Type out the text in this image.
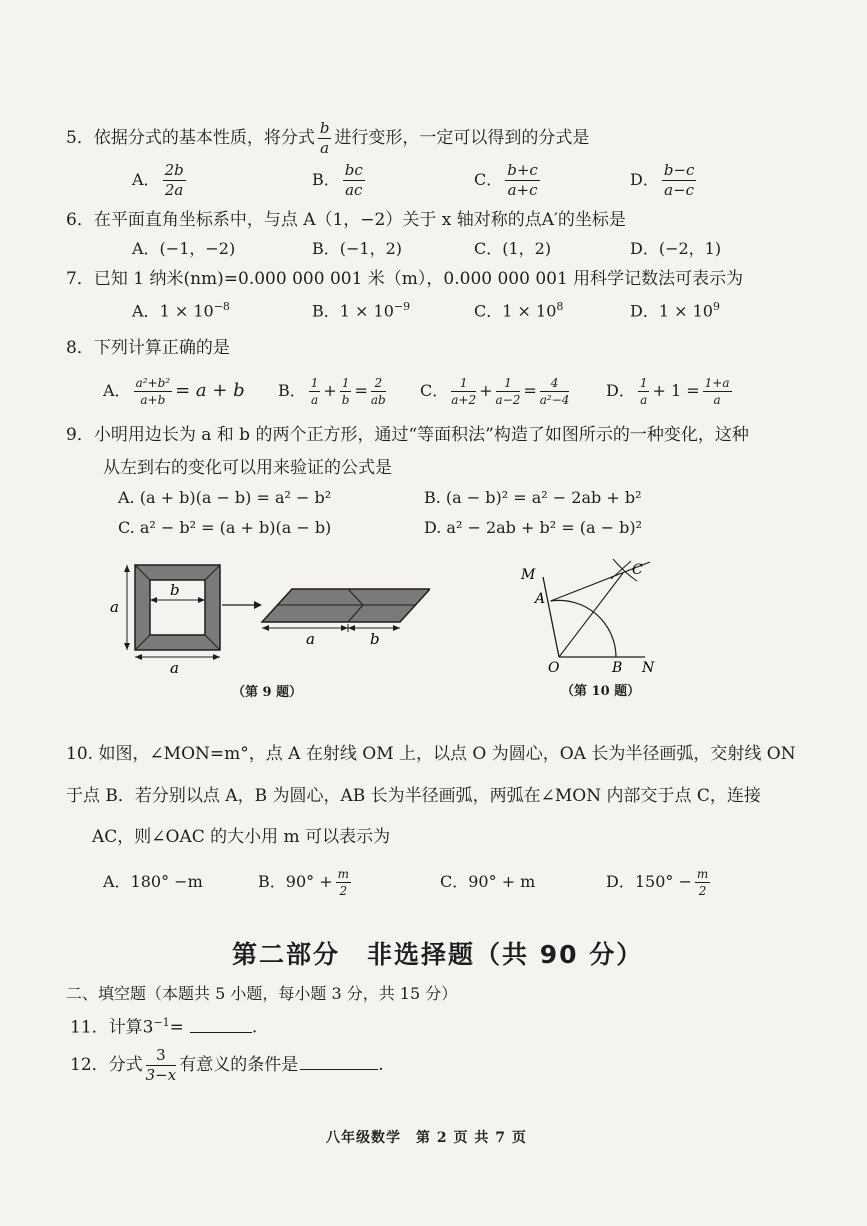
5．依据分式的基本性质，将分式 $\frac{b}{a}$ 进行变形，一定可以得到的分式是
A． $\frac{2b}{2a}$	B． $\frac{bc}{ac}$	C． $\frac{b+c}{a+c}$	D． $\frac{b-c}{a-c}$
6．在平面直角坐标系中，与点 A（1，−2）关于 x 轴对称的点A′的坐标是
A．(−1，−2)	B．(−1，2)	C．(1，2)	D．(−2，1)
7．已知 1 纳米(nm)=0.000 000 001 米（m），0.000 000 001 用科学记数法可表示为
A．$1 \times 10^{-8}$	B．$1 \times 10^{-9}$	C．$1 \times 10^8$	D．$1 \times 10^9$
8．下列计算正确的是
A． $\frac{\text{a²+b²}}{a+b} = a + b$ B． $\frac{1}{a} + \frac{1}{b} = \frac{2}{ab}$ C． $\frac{1}{a+2} + \frac{1}{a-2} = \frac{4}{\text{a²−4}}$ D． $\frac{1}{a} + 1 = \frac{1+a}{a}$
9．小明用边长为 a 和 b 的两个正方形，通过“等面积法”构造了如图所示的一种变化，这种
从左到右的变化可以用来验证的公式是
A. (a + b)(a − b) = a² − b²	B. (a − b)² = a² − 2ab + b²
C. a² − b² = (a + b)(a − b)	D. a² − 2ab + b² = (a − b)²
a
b
a
a	b
（第 9 题）
M
A
C
O	B N
（第 10 题）
10. 如图，∠MON=m°，点 A 在射线 OM 上，以点 O 为圆心，OA 长为半径画弧，交射线 ON
于点 B．若分别以点 A，B 为圆心，AB 长为半径画弧，两弧在∠MON 内部交于点 C，连接
AC，则∠OAC 的大小用 m 可以表示为
A．180° −m	B．$90^\circ + \frac{m}{2}$	C．90° + m	D．$150^\circ - \frac{m}{2}$
第二部分　非选择题（共 90 分）
二、填空题（本题共 5 小题，每小题 3 分，共 15 分）
11．计算$3^{-1}=$	.
12．分式 $\frac{3}{3-x}$ 有意义的条件是	.
八年级数学　第 2 页 共 7 页
